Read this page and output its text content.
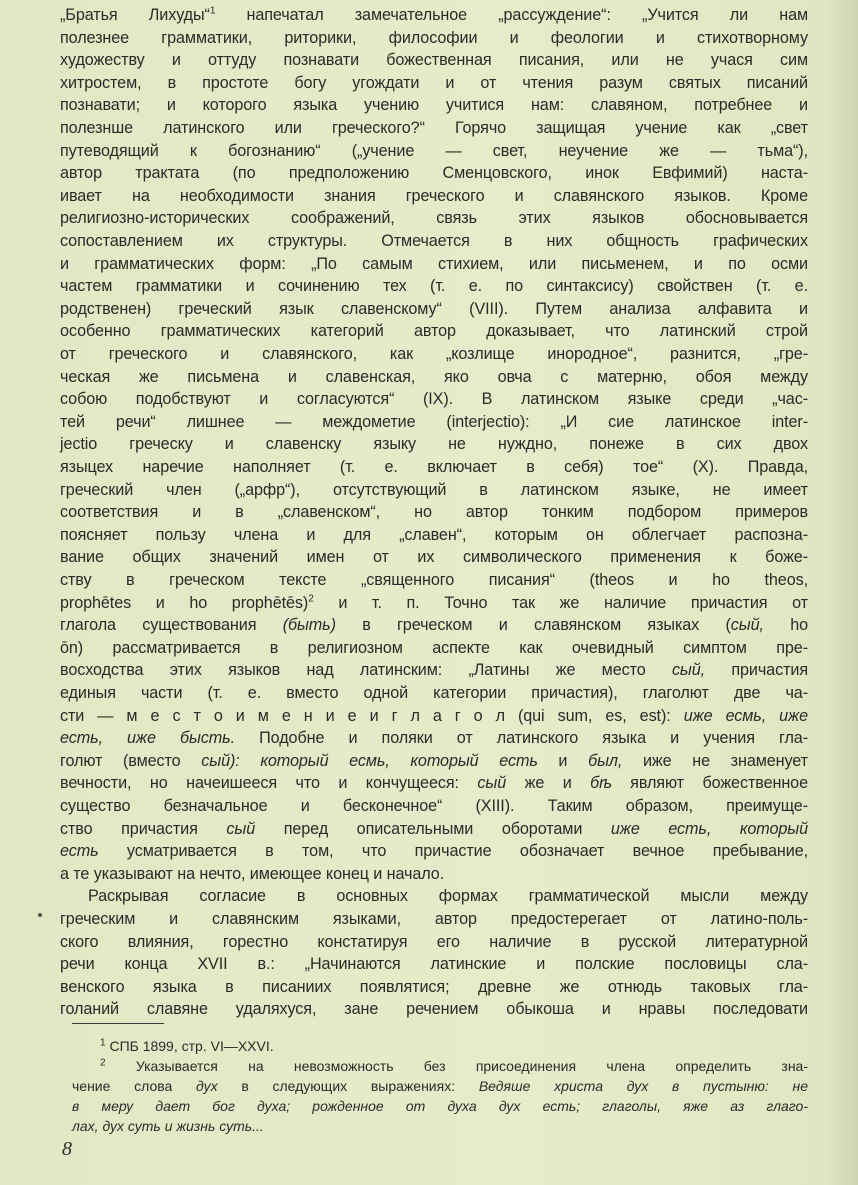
„Братья Лихуды“$^1$ напечатал замечательное „рассуждение“: „Учится ли нам
полезнее грамматики, риторики, философии и феологии и стихотворному
художеству и оттуду познавати божественная писания, или не учася сим
хитростем, в простоте богу угождати и от чтения разум святых писаний
познавати; и которого языка учению учитися нам: славяном, потребнее и
полезнше латинского или греческого?“ Горячо защищая учение как „свет
путеводящий к богознанию“ („учение — свет, неучение же — тьма“),
автор трактата (по предположению Сменцовского, инок Евфимий) наста-
ивает на необходимости знания греческого и славянского языков. Кроме
религиозно-исторических соображений, связь этих языков обосновывается
сопоставлением их структуры. Отмечается в них общность графических
и грамматических форм: „По самым стихием, или письменем, и по осми
частем грамматики и сочинению тех (т. е. по синтаксису) свойствен (т. е.
родственен) греческий язык славенскому“ (VIII). Путем анализа алфавита и
особенно грамматических категорий автор доказывает, что латинский строй
от греческого и славянского, как „козлище инородное“, разнится, „гре-
ческая же письмена и славенская, яко овча с матерню, обоя между
собою подобствуют и согласуются“ (IX). В латинском языке среди „час-
тей речи“ лишнее — междометие (interjectio): „И сие латинское inter-
jectio греческу и славенску языку не нуждно, понеже в сих двох
языцех наречие наполняет (т. е. включает в себя) тое“ (X). Правда,
греческий член („арфр“), отсутствующий в латинском языке, не имеет
соответствия и в „славенском“, но автор тонким подбором примеров
поясняет пользу члена и для „славен“, которым он облегчает распозна-
вание общих значений имен от их символического применения к боже-
ству в греческом тексте „священного писания“ (theos и ho theos,
prophētes и ho prophētēs)$^2$ и т. п. Точно так же наличие причастия от
глагола существования (быть) в греческом и славянском языках (сый, ho
ōn) рассматривается в религиозном аспекте как очевидный симптом пре-
восходства этих языков над латинским: „Латины же место сый, причастия
единыя части (т. е. вместо одной категории причастия), глаголют две ча-
сти — м е с т о и м е н и е и г л а г о л (qui sum, es, est): иже есмь, иже
есть, иже бысть. Подобне и поляки от латинского языка и учения гла-
голют (вместо сый): который есмь, который есть и был, иже не знаменует
вечности, но начеишееся что и кончущееся: сый же и бѣ являют божественное
существо безначальное и бесконечное“ (XIII). Таким образом, преимуще-
ство причастия сый перед описательными оборотами иже есть, который
есть усматривается в том, что причастие обозначает вечное пребывание,
а те указывают на нечто, имеющее конец и начало.
Раскрывая согласие в основных формах грамматической мысли между
греческим и славянским языками, автор предостерегает от латино-поль-
ского влияния, горестно констатируя его наличие в русской литературной
речи конца XVII в.: „Начинаются латинские и полские пословицы сла-
венского языка в писаниих появлятися; древне же отнюдь таковых гла-
голаний славяне удаляхуся, зане речением обыкоша и нравы последовати
$^1$ СПБ 1899, стр. VI—XXVI.
$^2$ Указывается на невозможность без присоединения члена определить зна-
чение слова дух в следующих выражениях: Ведяше христа дух в пустыню: не
в меру дает бог духа; рожденное от духа дух есть; глаголы, яже аз глаго-
лах, дух суть и жизнь суть...
8
